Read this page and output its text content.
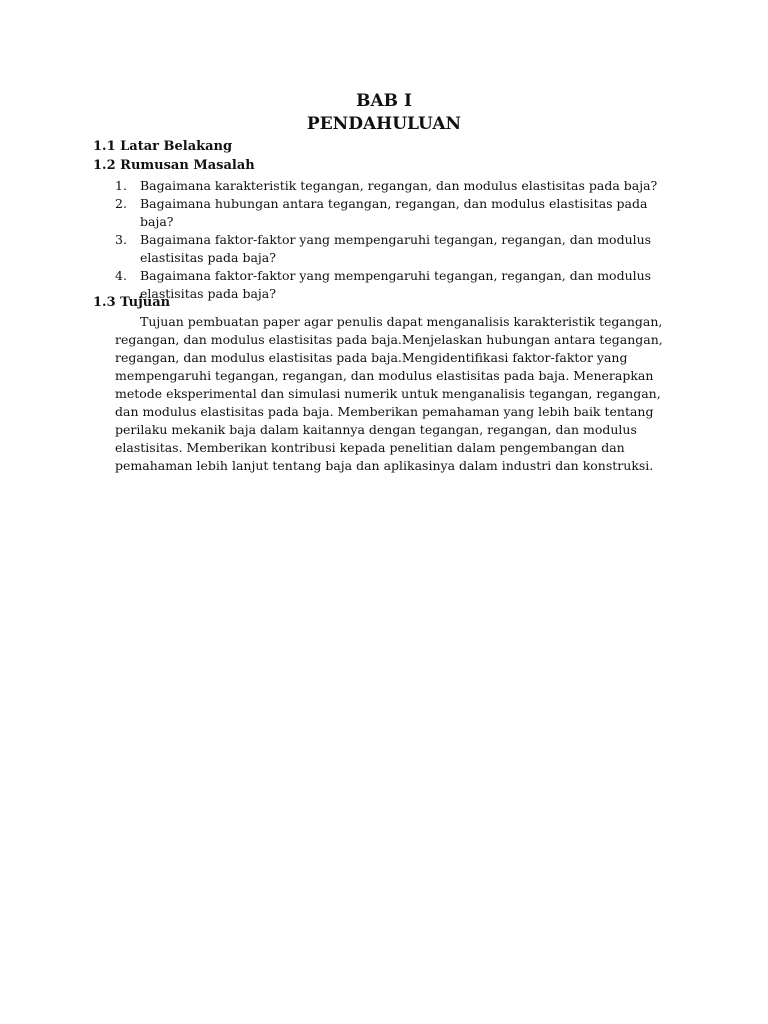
BAB I
PENDAHULUAN
1.1 Latar Belakang
1.2 Rumusan Masalah
1. Bagaimana karakteristik tegangan, regangan, dan modulus elastisitas pada baja?
2. Bagaimana hubungan antara tegangan, regangan, dan modulus elastisitas pada baja?
3. Bagaimana faktor-faktor yang mempengaruhi tegangan, regangan, dan modulus elastisitas pada baja?
4. Bagaimana faktor-faktor yang mempengaruhi tegangan, regangan, dan modulus elastisitas pada baja?
1.3 Tujuan

Tujuan pembuatan paper agar penulis dapat menganalisis karakteristik tegangan, regangan, dan modulus elastisitas pada baja.Menjelaskan hubungan antara tegangan, regangan, dan modulus elastisitas pada baja.Mengidentifikasi faktor-faktor yang mempengaruhi tegangan, regangan, dan modulus elastisitas pada baja. Menerapkan metode eksperimental dan simulasi numerik untuk menganalisis tegangan, regangan, dan modulus elastisitas pada baja. Memberikan pemahaman yang lebih baik tentang perilaku mekanik baja dalam kaitannya dengan tegangan, regangan, dan modulus elastisitas. Memberikan kontribusi kepada penelitian dalam pengembangan dan pemahaman lebih lanjut tentang baja dan aplikasinya dalam industri dan konstruksi.
